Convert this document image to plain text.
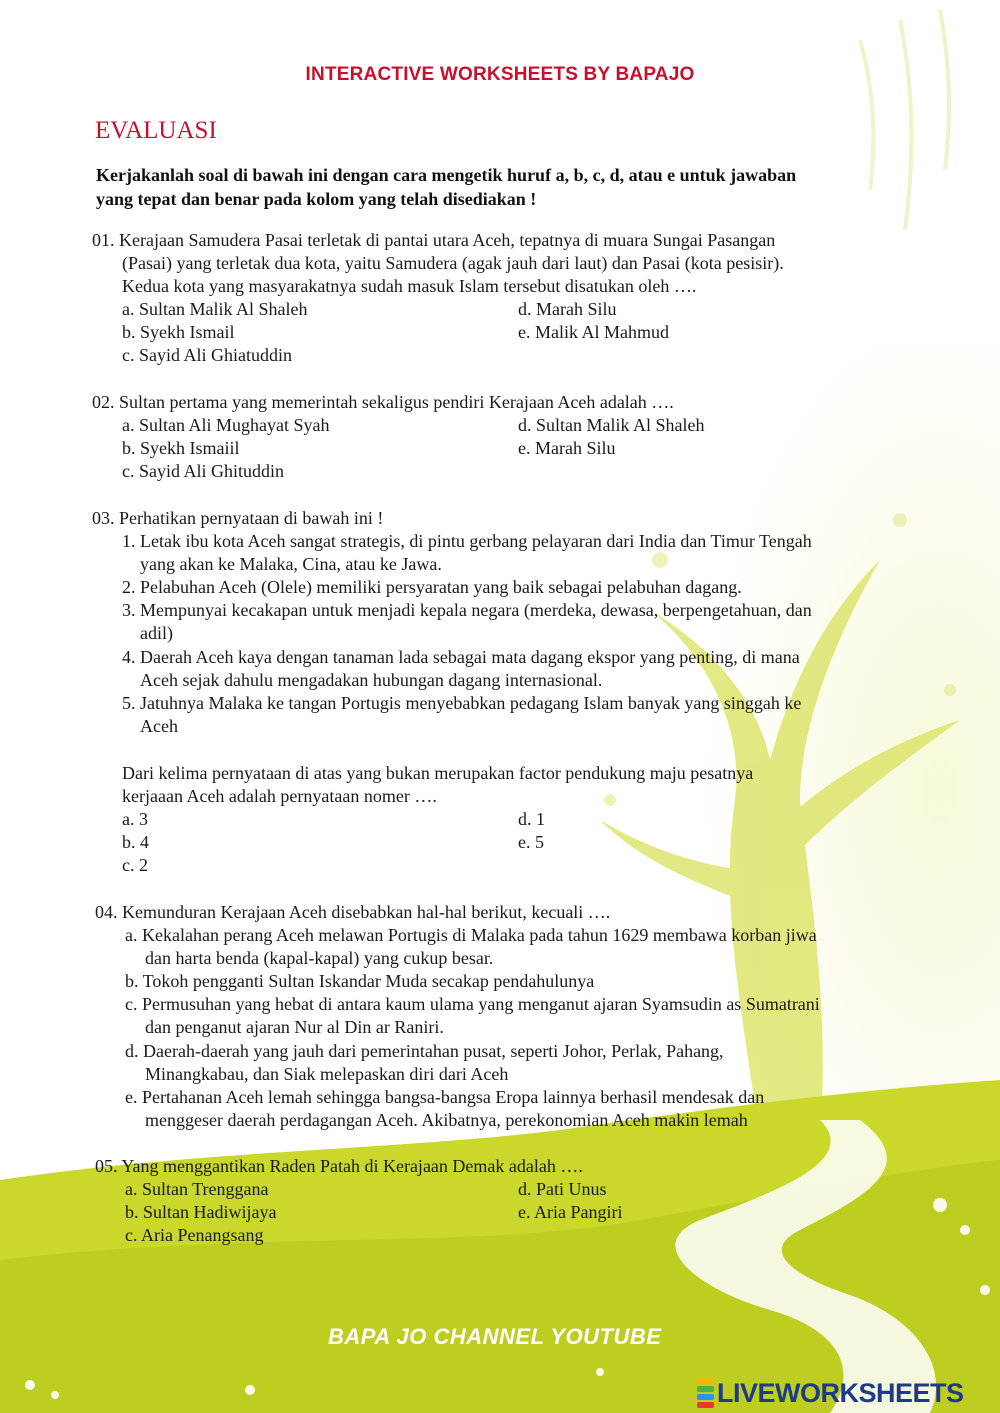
INTERACTIVE WORKSHEETS BY BAPAJO
EVALUASI
Kerjakanlah soal di bawah ini dengan cara mengetik huruf a, b, c, d, atau e untuk jawaban
yang tepat dan benar pada kolom yang telah disediakan !
01. Kerajaan Samudera Pasai terletak di pantai utara Aceh, tepatnya di muara Sungai Pasangan
(Pasai) yang terletak dua kota, yaitu Samudera (agak jauh dari laut) dan Pasai (kota pesisir).
Kedua kota yang masyarakatnya sudah masuk Islam tersebut disatukan oleh ….
a. Sultan Malik Al Shaleh
b. Syekh Ismail
c. Sayid Ali Ghiatuddin
d. Marah Silu
e. Malik Al Mahmud
02. Sultan pertama yang memerintah sekaligus pendiri Kerajaan Aceh adalah ….
a. Sultan Ali Mughayat Syah
b. Syekh Ismaiil
c. Sayid Ali Ghituddin
d. Sultan Malik Al Shaleh
e. Marah Silu
03. Perhatikan pernyataan di bawah ini !
1. Letak ibu kota Aceh sangat strategis, di pintu gerbang pelayaran dari India dan Timur Tengah
yang akan ke Malaka, Cina, atau ke Jawa.
2. Pelabuhan Aceh (Olele) memiliki persyaratan yang baik sebagai pelabuhan dagang.
3. Mempunyai kecakapan untuk menjadi kepala negara (merdeka, dewasa, berpengetahuan, dan
adil)
4. Daerah Aceh kaya dengan tanaman lada sebagai mata dagang ekspor yang penting, di mana
Aceh sejak dahulu mengadakan hubungan dagang internasional.
5. Jatuhnya Malaka ke tangan Portugis menyebabkan pedagang Islam banyak yang singgah ke
Aceh
Dari kelima pernyataan di atas yang bukan merupakan factor pendukung maju pesatnya
kerjaaan Aceh adalah pernyataan nomer ….
a. 3
b. 4
c. 2
d. 1
e. 5
04. Kemunduran Kerajaan Aceh disebabkan hal-hal berikut, kecuali ….
a. Kekalahan perang Aceh melawan Portugis di Malaka pada tahun 1629 membawa korban jiwa
dan harta benda (kapal-kapal) yang cukup besar.
b. Tokoh pengganti Sultan Iskandar Muda secakap pendahulunya
c. Permusuhan yang hebat di antara kaum ulama yang menganut ajaran Syamsudin as Sumatrani
dan penganut ajaran Nur al Din ar Raniri.
d. Daerah-daerah yang jauh dari pemerintahan pusat, seperti Johor, Perlak, Pahang,
Minangkabau, dan Siak melepaskan diri dari Aceh
e. Pertahanan Aceh lemah sehingga bangsa-bangsa Eropa lainnya berhasil mendesak dan
menggeser daerah perdagangan Aceh. Akibatnya, perekonomian Aceh makin lemah
05. Yang menggantikan Raden Patah di Kerajaan Demak adalah ….
a. Sultan Trenggana
b. Sultan Hadiwijaya
c. Aria Penangsang
d. Pati Unus
e. Aria Pangiri
BAPA JO CHANNEL YOUTUBE
LIVEWORKSHEETS
